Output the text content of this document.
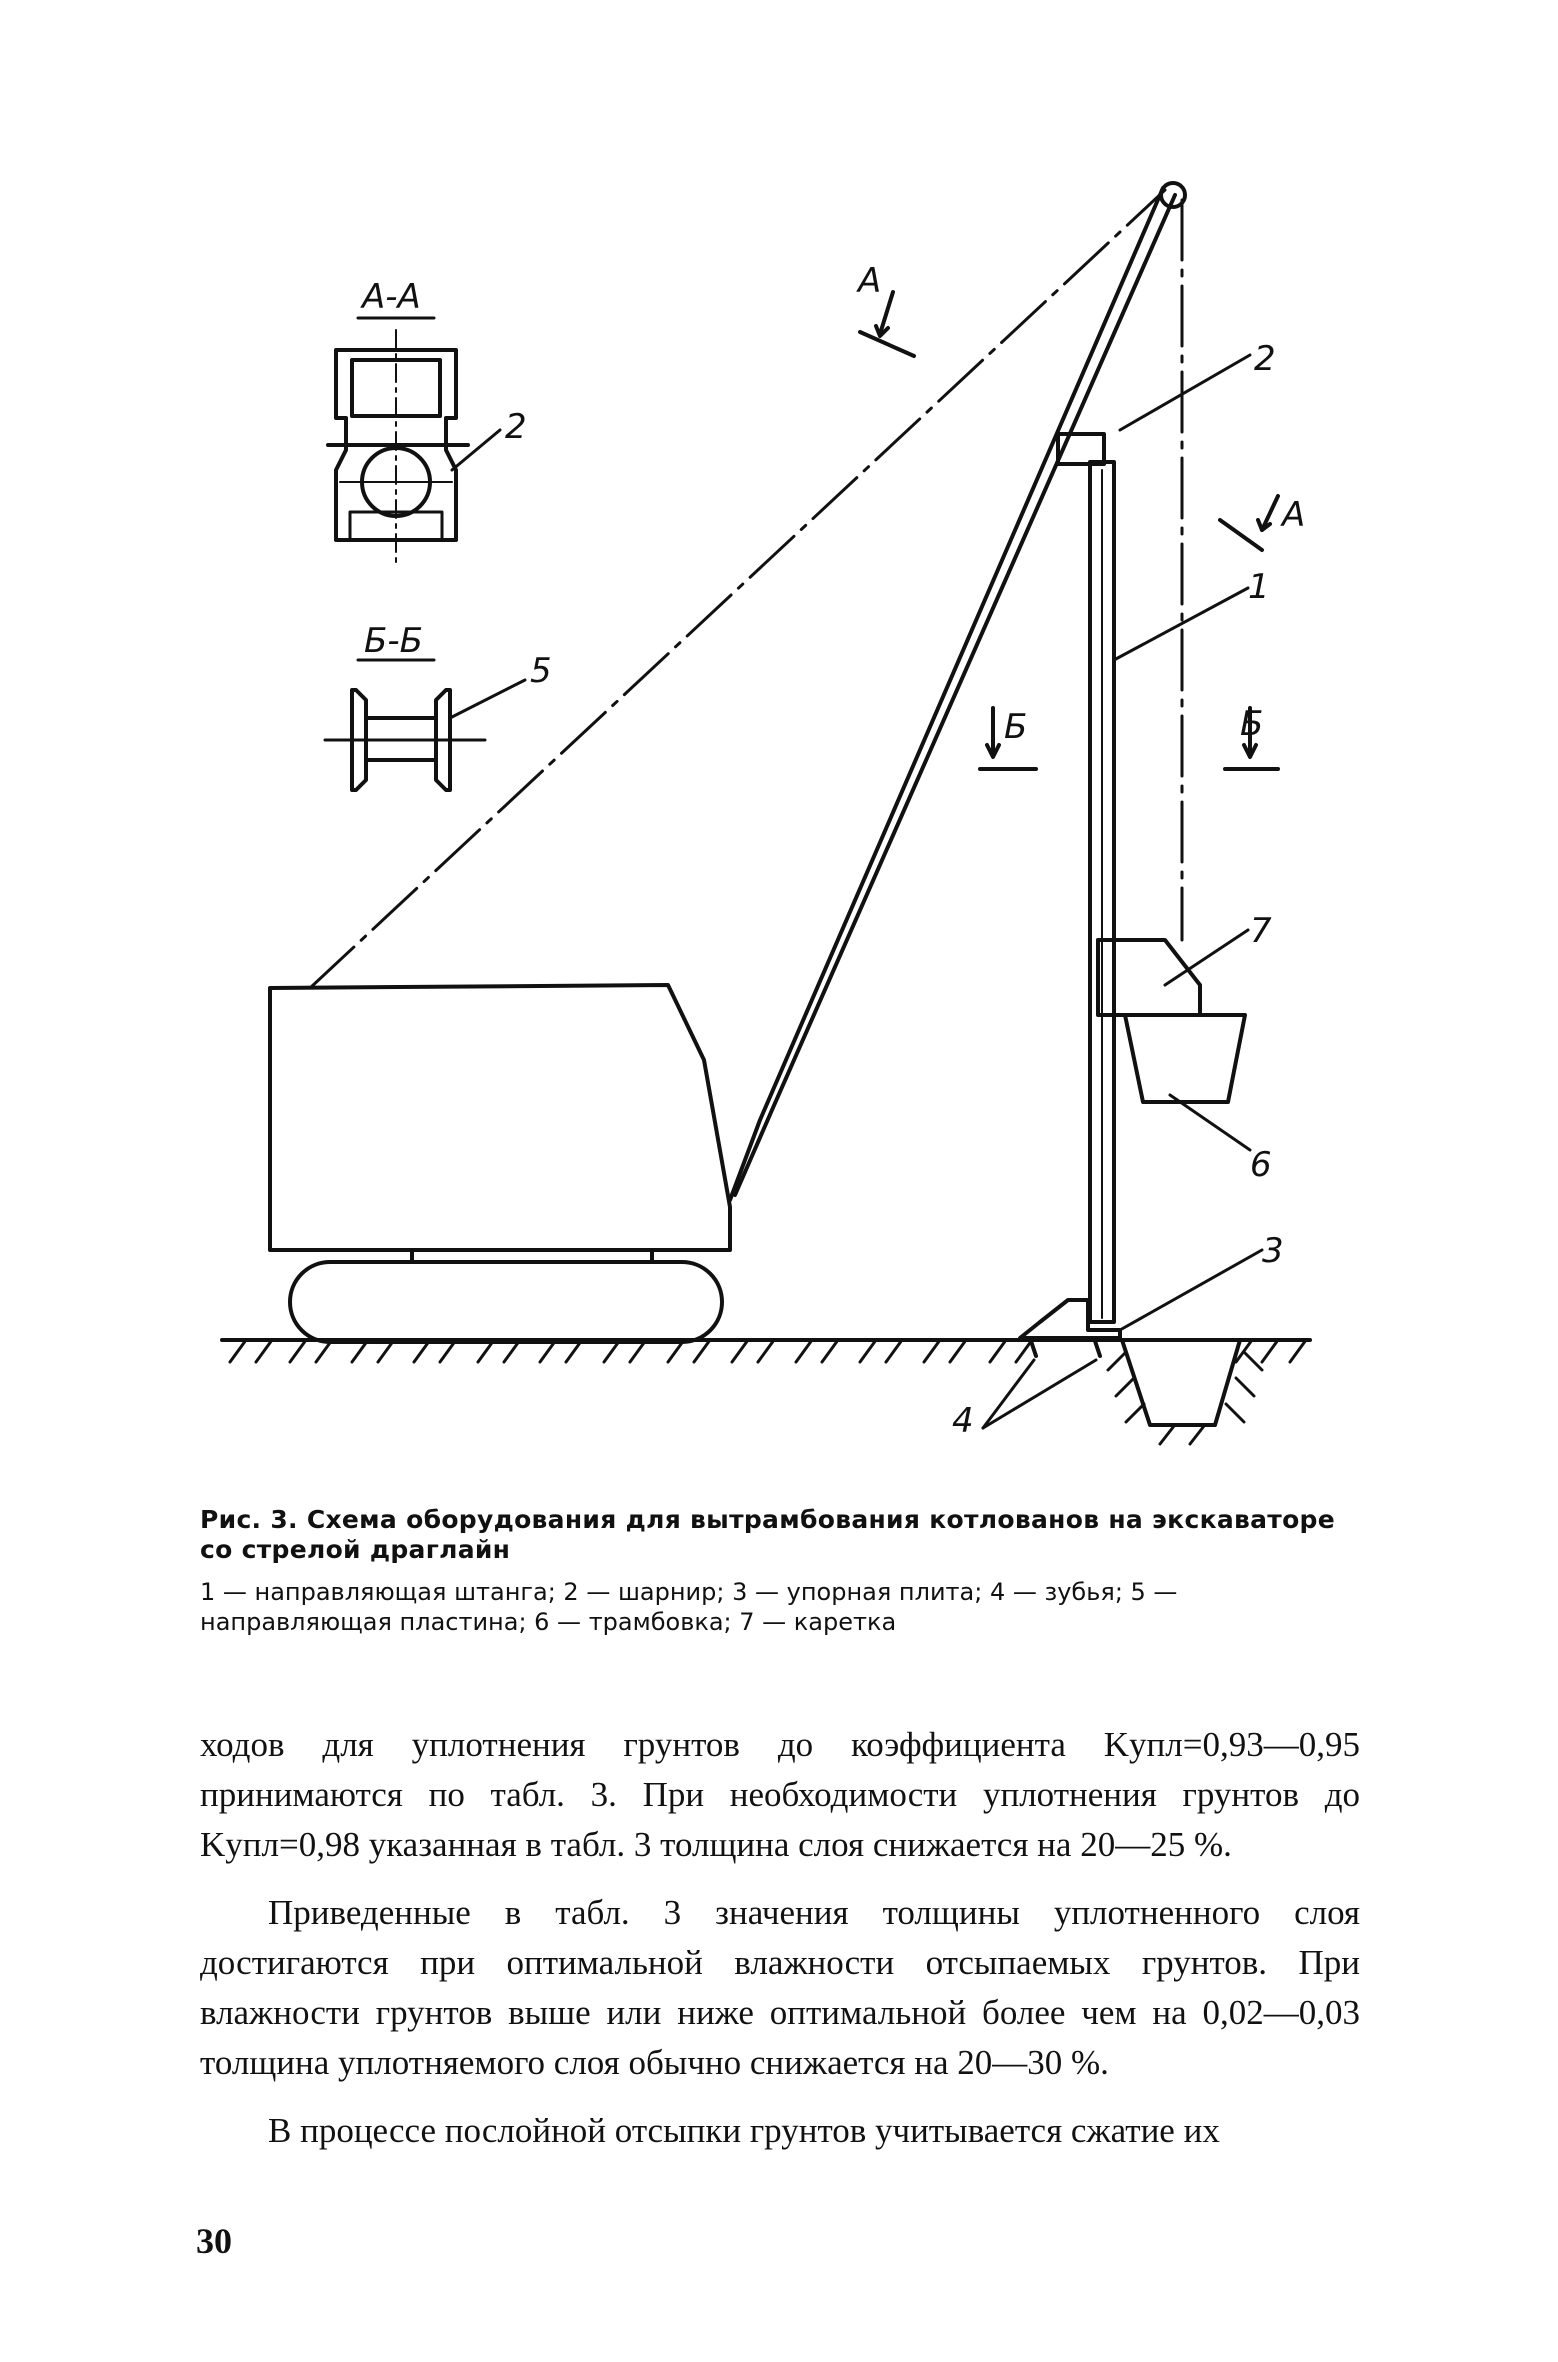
А-А
Б-Б
А
А
Б	Б
2
2
5
1
7
6
3
4
Рис. 3. Схема оборудования для вытрамбования котлованов на экскаваторе со стрелой драглайн
1 — направляющая штанга; 2 — шарнир; 3 — упорная плита; 4 — зубья; 5 — направляющая пластина; 6 — трамбовка; 7 — каретка

ходов для уплотнения грунтов до коэффициента Kупл=0,93—0,95 принимаются по табл. 3. При необходимости уплотнения грунтов до Kупл=0,98 указанная в табл. 3 толщина слоя снижается на 20—25 %.

Приведенные в табл. 3 значения толщины уплотненного слоя достигаются при оптимальной влажности отсыпаемых грунтов. При влажности грунтов выше или ниже оптимальной более чем на 0,02—0,03 толщина уплотняемого слоя обычно снижается на 20—30 %.

В процессе послойной отсыпки грунтов учитывается сжатие их

30
